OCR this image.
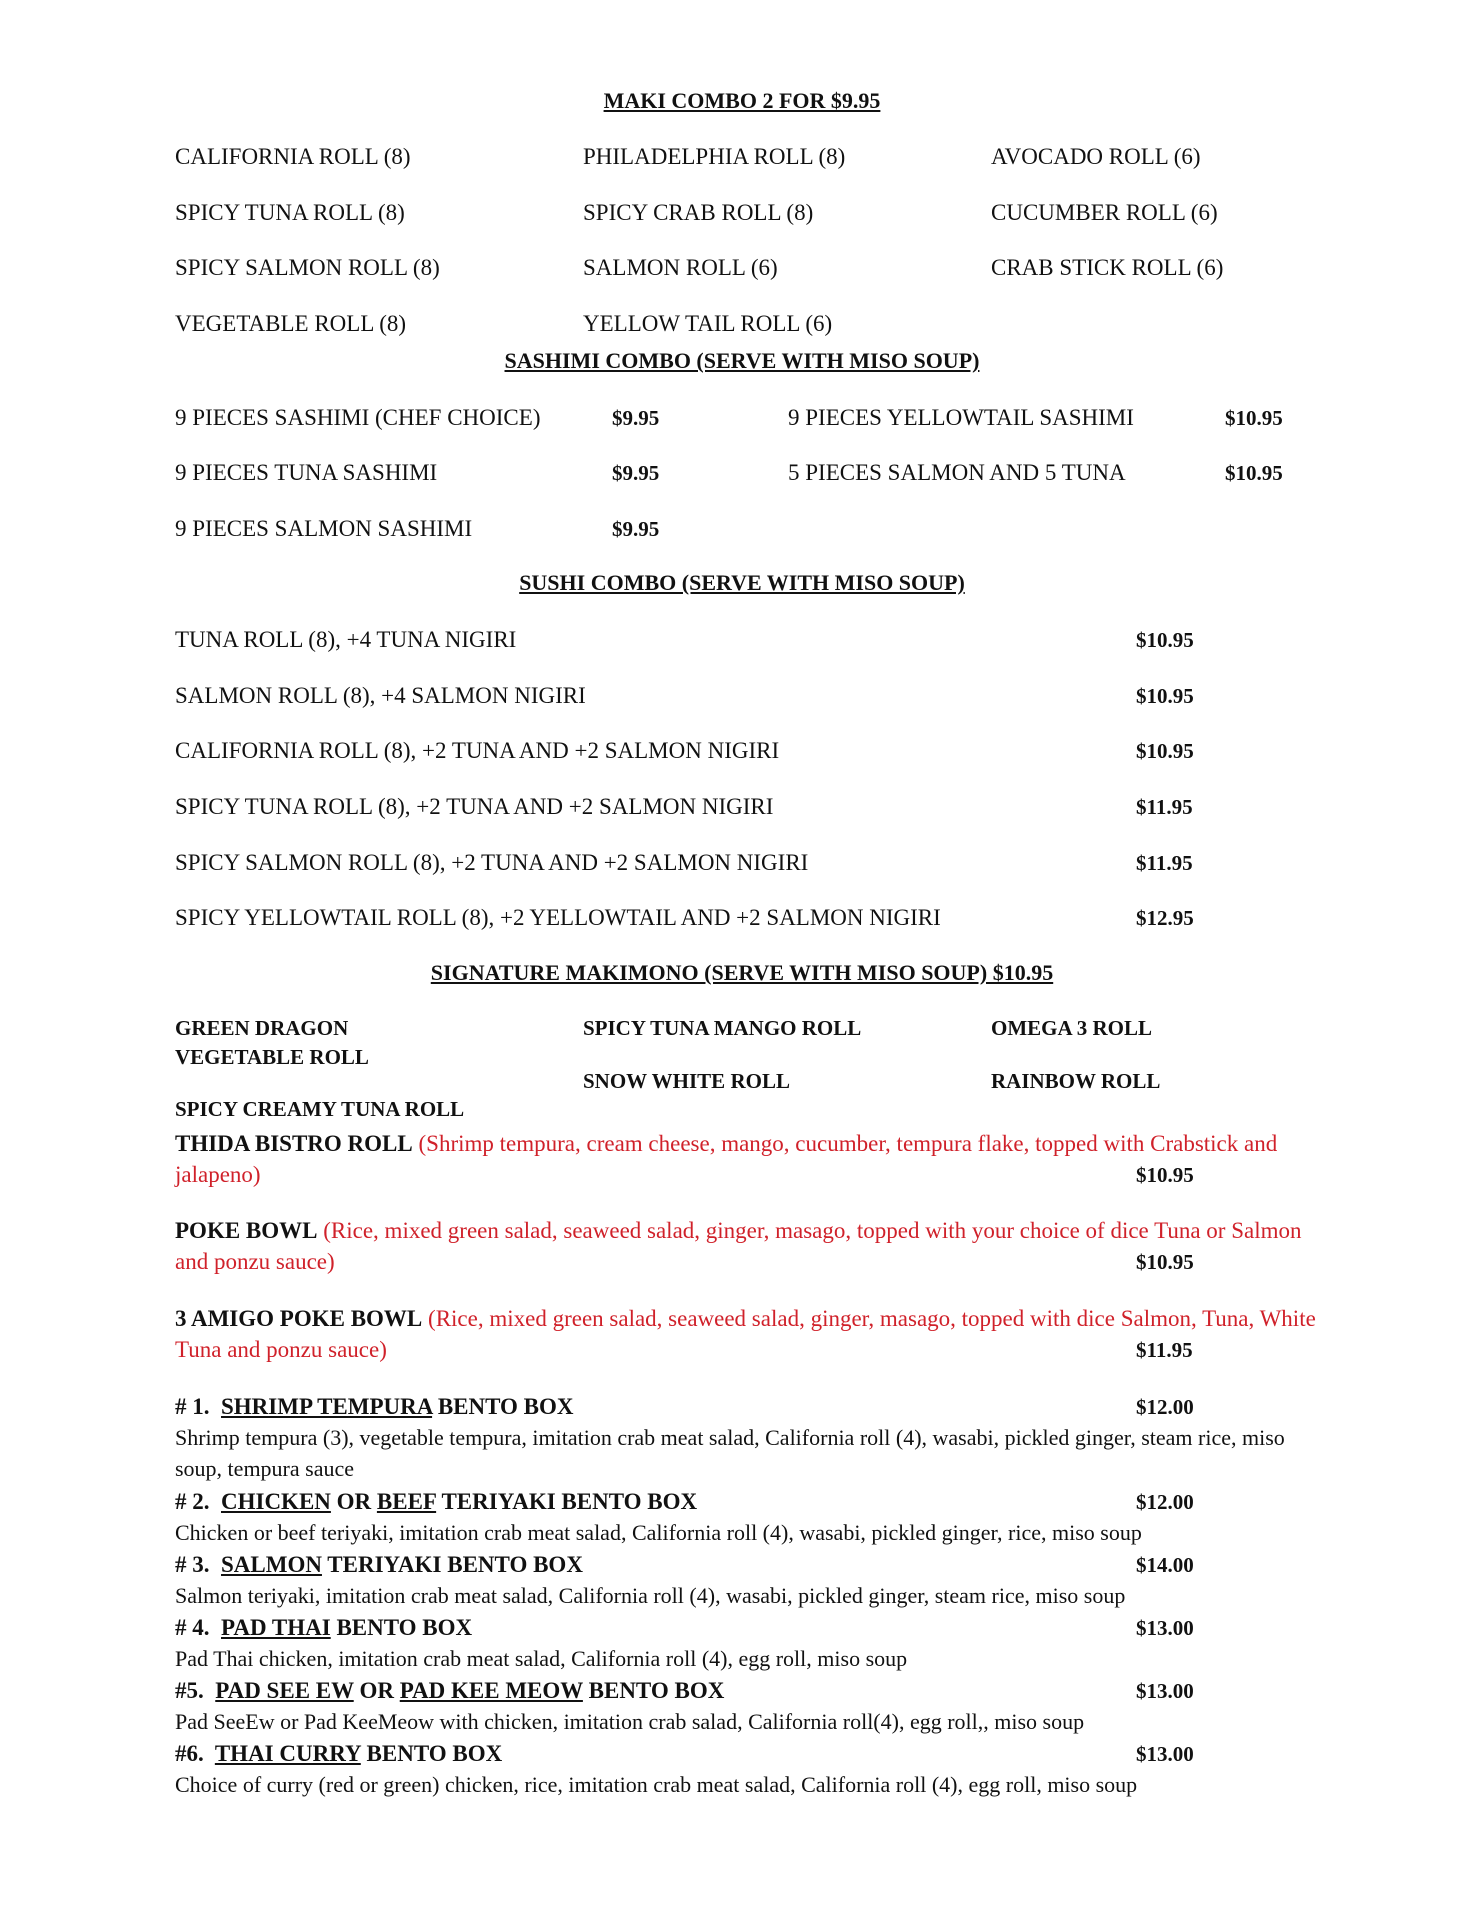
MAKI COMBO 2 FOR $9.95
CALIFORNIA ROLL (8)	PHILADELPHIA ROLL (8)	AVOCADO ROLL (6)
SPICY TUNA ROLL (8)	SPICY CRAB ROLL (8)	CUCUMBER ROLL (6)
SPICY SALMON ROLL (8)	SALMON ROLL (6)	CRAB STICK ROLL (6)
VEGETABLE ROLL (8)	YELLOW TAIL ROLL (6)
SASHIMI COMBO (SERVE WITH MISO SOUP)
9 PIECES SASHIMI (CHEF CHOICE)	$9.95	9 PIECES YELLOWTAIL SASHIMI	$10.95
9 PIECES TUNA SASHIMI	$9.95	5 PIECES SALMON AND 5 TUNA	$10.95
9 PIECES SALMON SASHIMI	$9.95
SUSHI COMBO (SERVE WITH MISO SOUP)
TUNA ROLL (8), +4 TUNA NIGIRI	$10.95
SALMON ROLL (8), +4 SALMON NIGIRI	$10.95
CALIFORNIA ROLL (8), +2 TUNA AND +2 SALMON NIGIRI	$10.95
SPICY TUNA ROLL (8), +2 TUNA AND +2 SALMON NIGIRI	$11.95
SPICY SALMON ROLL (8), +2 TUNA AND +2 SALMON NIGIRI	$11.95
SPICY YELLOWTAIL ROLL (8), +2 YELLOWTAIL AND +2 SALMON NIGIRI	$12.95
SIGNATURE MAKIMONO (SERVE WITH MISO SOUP) $10.95
GREEN DRAGON	SPICY TUNA MANGO ROLL	OMEGA 3 ROLL
VEGETABLE ROLL
SNOW WHITE ROLL	RAINBOW ROLL
SPICY CREAMY TUNA ROLL
THIDA BISTRO ROLL (Shrimp tempura, cream cheese, mango, cucumber, tempura flake, topped with Crabstick and jalapeno)	$10.95
POKE BOWL (Rice, mixed green salad, seaweed salad, ginger, masago, topped with your choice of dice Tuna or Salmon and ponzu sauce)	$10.95
3 AMIGO POKE BOWL (Rice, mixed green salad, seaweed salad, ginger, masago, topped with dice Salmon, Tuna, White Tuna and ponzu sauce)	$11.95
# 1. SHRIMP TEMPURA BENTO BOX	$12.00
Shrimp tempura (3), vegetable tempura, imitation crab meat salad, California roll (4), wasabi, pickled ginger, steam rice, miso soup, tempura sauce
# 2. CHICKEN OR BEEF TERIYAKI BENTO BOX	$12.00
Chicken or beef teriyaki, imitation crab meat salad, California roll (4), wasabi, pickled ginger, rice, miso soup
# 3. SALMON TERIYAKI BENTO BOX	$14.00
Salmon teriyaki, imitation crab meat salad, California roll (4), wasabi, pickled ginger, steam rice, miso soup
# 4. PAD THAI BENTO BOX	$13.00
Pad Thai chicken, imitation crab meat salad, California roll (4), egg roll, miso soup
#5. PAD SEE EW OR PAD KEE MEOW BENTO BOX	$13.00
Pad SeeEw or Pad KeeMeow with chicken, imitation crab salad, California roll(4), egg roll,, miso soup
#6. THAI CURRY BENTO BOX	$13.00
Choice of curry (red or green) chicken, rice, imitation crab meat salad, California roll (4), egg roll, miso soup
